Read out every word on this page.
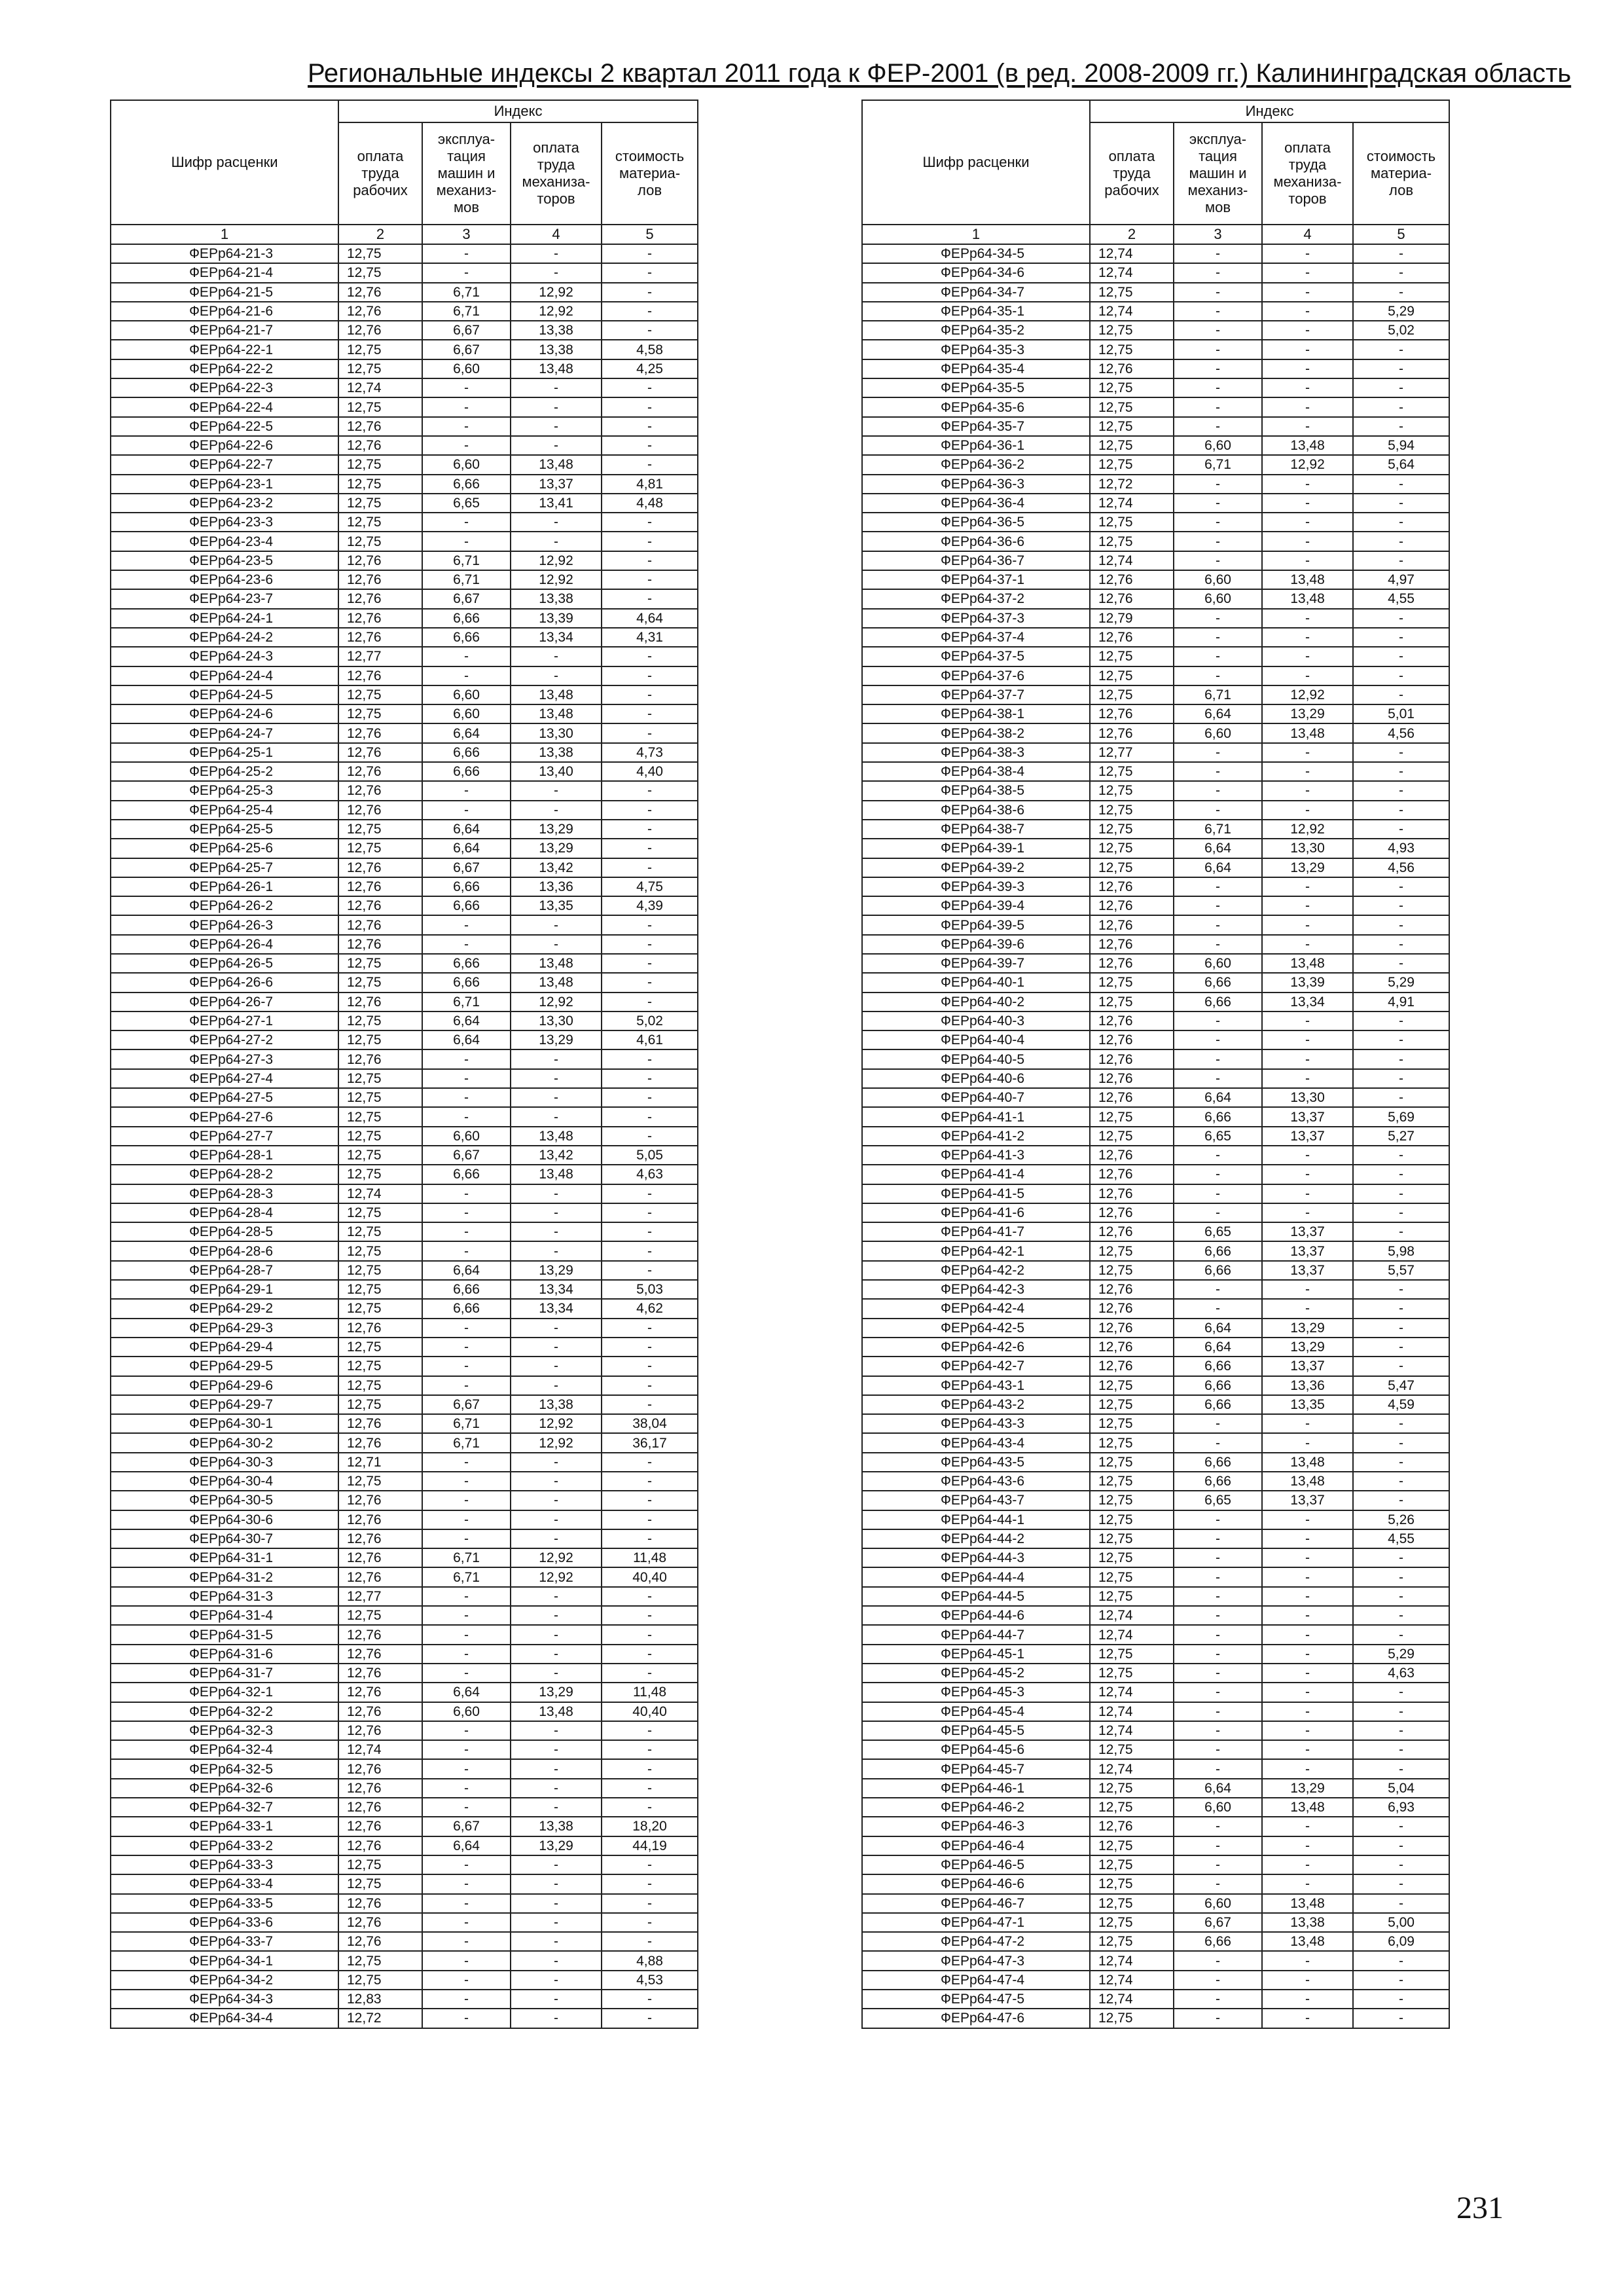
Региональные индексы 2 квартал 2011 года к ФЕР-2001 (в ред. 2008-2009 гг.) Калининградская область
Шифр расценки	Индекс			

	оплата
труда
рабочих	эксплуа-
тация
машин и
механиз-
мов	оплата
труда
механиза-
торов	стоимость
материа-
лов

1	2	3	4	5
ФЕРр64-21-3	12,75	-	-	-
ФЕРр64-21-4	12,75	-	-	-
ФЕРр64-21-5	12,76	6,71	12,92	-
ФЕРр64-21-6	12,76	6,71	12,92	-
ФЕРр64-21-7	12,76	6,67	13,38	-
ФЕРр64-22-1	12,75	6,67	13,38	4,58
ФЕРр64-22-2	12,75	6,60	13,48	4,25
ФЕРр64-22-3	12,74	-	-	-
ФЕРр64-22-4	12,75	-	-	-
ФЕРр64-22-5	12,76	-	-	-
ФЕРр64-22-6	12,76	-	-	-
ФЕРр64-22-7	12,75	6,60	13,48	-
ФЕРр64-23-1	12,75	6,66	13,37	4,81
ФЕРр64-23-2	12,75	6,65	13,41	4,48
ФЕРр64-23-3	12,75	-	-	-
ФЕРр64-23-4	12,75	-	-	-
ФЕРр64-23-5	12,76	6,71	12,92	-
ФЕРр64-23-6	12,76	6,71	12,92	-
ФЕРр64-23-7	12,76	6,67	13,38	-
ФЕРр64-24-1	12,76	6,66	13,39	4,64
ФЕРр64-24-2	12,76	6,66	13,34	4,31
ФЕРр64-24-3	12,77	-	-	-
ФЕРр64-24-4	12,76	-	-	-
ФЕРр64-24-5	12,75	6,60	13,48	-
ФЕРр64-24-6	12,75	6,60	13,48	-
ФЕРр64-24-7	12,76	6,64	13,30	-
ФЕРр64-25-1	12,76	6,66	13,38	4,73
ФЕРр64-25-2	12,76	6,66	13,40	4,40
ФЕРр64-25-3	12,76	-	-	-
ФЕРр64-25-4	12,76	-	-	-
ФЕРр64-25-5	12,75	6,64	13,29	-
ФЕРр64-25-6	12,75	6,64	13,29	-
ФЕРр64-25-7	12,76	6,67	13,42	-
ФЕРр64-26-1	12,76	6,66	13,36	4,75
ФЕРр64-26-2	12,76	6,66	13,35	4,39
ФЕРр64-26-3	12,76	-	-	-
ФЕРр64-26-4	12,76	-	-	-
ФЕРр64-26-5	12,75	6,66	13,48	-
ФЕРр64-26-6	12,75	6,66	13,48	-
ФЕРр64-26-7	12,76	6,71	12,92	-
ФЕРр64-27-1	12,75	6,64	13,30	5,02
ФЕРр64-27-2	12,75	6,64	13,29	4,61
ФЕРр64-27-3	12,76	-	-	-
ФЕРр64-27-4	12,75	-	-	-
ФЕРр64-27-5	12,75	-	-	-
ФЕРр64-27-6	12,75	-	-	-
ФЕРр64-27-7	12,75	6,60	13,48	-
ФЕРр64-28-1	12,75	6,67	13,42	5,05
ФЕРр64-28-2	12,75	6,66	13,48	4,63
ФЕРр64-28-3	12,74	-	-	-
ФЕРр64-28-4	12,75	-	-	-
ФЕРр64-28-5	12,75	-	-	-
ФЕРр64-28-6	12,75	-	-	-
ФЕРр64-28-7	12,75	6,64	13,29	-
ФЕРр64-29-1	12,75	6,66	13,34	5,03
ФЕРр64-29-2	12,75	6,66	13,34	4,62
ФЕРр64-29-3	12,76	-	-	-
ФЕРр64-29-4	12,75	-	-	-
ФЕРр64-29-5	12,75	-	-	-
ФЕРр64-29-6	12,75	-	-	-
ФЕРр64-29-7	12,75	6,67	13,38	-
ФЕРр64-30-1	12,76	6,71	12,92	38,04
ФЕРр64-30-2	12,76	6,71	12,92	36,17
ФЕРр64-30-3	12,71	-	-	-
ФЕРр64-30-4	12,75	-	-	-
ФЕРр64-30-5	12,76	-	-	-
ФЕРр64-30-6	12,76	-	-	-
ФЕРр64-30-7	12,76	-	-	-
ФЕРр64-31-1	12,76	6,71	12,92	11,48
ФЕРр64-31-2	12,76	6,71	12,92	40,40
ФЕРр64-31-3	12,77	-	-	-
ФЕРр64-31-4	12,75	-	-	-
ФЕРр64-31-5	12,76	-	-	-
ФЕРр64-31-6	12,76	-	-	-
ФЕРр64-31-7	12,76	-	-	-
ФЕРр64-32-1	12,76	6,64	13,29	11,48
ФЕРр64-32-2	12,76	6,60	13,48	40,40
ФЕРр64-32-3	12,76	-	-	-
ФЕРр64-32-4	12,74	-	-	-
ФЕРр64-32-5	12,76	-	-	-
ФЕРр64-32-6	12,76	-	-	-
ФЕРр64-32-7	12,76	-	-	-
ФЕРр64-33-1	12,76	6,67	13,38	18,20
ФЕРр64-33-2	12,76	6,64	13,29	44,19
ФЕРр64-33-3	12,75	-	-	-
ФЕРр64-33-4	12,75	-	-	-
ФЕРр64-33-5	12,76	-	-	-
ФЕРр64-33-6	12,76	-	-	-
ФЕРр64-33-7	12,76	-	-	-
ФЕРр64-34-1	12,75	-	-	4,88
ФЕРр64-34-2	12,75	-	-	4,53
ФЕРр64-34-3	12,83	-	-	-
ФЕРр64-34-4	12,72	-	-	-
Шифр расценки	Индекс			

	оплата
труда
рабочих	эксплуа-
тация
машин и
механиз-
мов	оплата
труда
механиза-
торов	стоимость
материа-
лов

1	2	3	4	5
ФЕРр64-34-5	12,74	-	-	-
ФЕРр64-34-6	12,74	-	-	-
ФЕРр64-34-7	12,75	-	-	-
ФЕРр64-35-1	12,74	-	-	5,29
ФЕРр64-35-2	12,75	-	-	5,02
ФЕРр64-35-3	12,75	-	-	-
ФЕРр64-35-4	12,76	-	-	-
ФЕРр64-35-5	12,75	-	-	-
ФЕРр64-35-6	12,75	-	-	-
ФЕРр64-35-7	12,75	-	-	-
ФЕРр64-36-1	12,75	6,60	13,48	5,94
ФЕРр64-36-2	12,75	6,71	12,92	5,64
ФЕРр64-36-3	12,72	-	-	-
ФЕРр64-36-4	12,74	-	-	-
ФЕРр64-36-5	12,75	-	-	-
ФЕРр64-36-6	12,75	-	-	-
ФЕРр64-36-7	12,74	-	-	-
ФЕРр64-37-1	12,76	6,60	13,48	4,97
ФЕРр64-37-2	12,76	6,60	13,48	4,55
ФЕРр64-37-3	12,79	-	-	-
ФЕРр64-37-4	12,76	-	-	-
ФЕРр64-37-5	12,75	-	-	-
ФЕРр64-37-6	12,75	-	-	-
ФЕРр64-37-7	12,75	6,71	12,92	-
ФЕРр64-38-1	12,76	6,64	13,29	5,01
ФЕРр64-38-2	12,76	6,60	13,48	4,56
ФЕРр64-38-3	12,77	-	-	-
ФЕРр64-38-4	12,75	-	-	-
ФЕРр64-38-5	12,75	-	-	-
ФЕРр64-38-6	12,75	-	-	-
ФЕРр64-38-7	12,75	6,71	12,92	-
ФЕРр64-39-1	12,75	6,64	13,30	4,93
ФЕРр64-39-2	12,75	6,64	13,29	4,56
ФЕРр64-39-3	12,76	-	-	-
ФЕРр64-39-4	12,76	-	-	-
ФЕРр64-39-5	12,76	-	-	-
ФЕРр64-39-6	12,76	-	-	-
ФЕРр64-39-7	12,76	6,60	13,48	-
ФЕРр64-40-1	12,75	6,66	13,39	5,29
ФЕРр64-40-2	12,75	6,66	13,34	4,91
ФЕРр64-40-3	12,76	-	-	-
ФЕРр64-40-4	12,76	-	-	-
ФЕРр64-40-5	12,76	-	-	-
ФЕРр64-40-6	12,76	-	-	-
ФЕРр64-40-7	12,76	6,64	13,30	-
ФЕРр64-41-1	12,75	6,66	13,37	5,69
ФЕРр64-41-2	12,75	6,65	13,37	5,27
ФЕРр64-41-3	12,76	-	-	-
ФЕРр64-41-4	12,76	-	-	-
ФЕРр64-41-5	12,76	-	-	-
ФЕРр64-41-6	12,76	-	-	-
ФЕРр64-41-7	12,76	6,65	13,37	-
ФЕРр64-42-1	12,75	6,66	13,37	5,98
ФЕРр64-42-2	12,75	6,66	13,37	5,57
ФЕРр64-42-3	12,76	-	-	-
ФЕРр64-42-4	12,76	-	-	-
ФЕРр64-42-5	12,76	6,64	13,29	-
ФЕРр64-42-6	12,76	6,64	13,29	-
ФЕРр64-42-7	12,76	6,66	13,37	-
ФЕРр64-43-1	12,75	6,66	13,36	5,47
ФЕРр64-43-2	12,75	6,66	13,35	4,59
ФЕРр64-43-3	12,75	-	-	-
ФЕРр64-43-4	12,75	-	-	-
ФЕРр64-43-5	12,75	6,66	13,48	-
ФЕРр64-43-6	12,75	6,66	13,48	-
ФЕРр64-43-7	12,75	6,65	13,37	-
ФЕРр64-44-1	12,75	-	-	5,26
ФЕРр64-44-2	12,75	-	-	4,55
ФЕРр64-44-3	12,75	-	-	-
ФЕРр64-44-4	12,75	-	-	-
ФЕРр64-44-5	12,75	-	-	-
ФЕРр64-44-6	12,74	-	-	-
ФЕРр64-44-7	12,74	-	-	-
ФЕРр64-45-1	12,75	-	-	5,29
ФЕРр64-45-2	12,75	-	-	4,63
ФЕРр64-45-3	12,74	-	-	-
ФЕРр64-45-4	12,74	-	-	-
ФЕРр64-45-5	12,74	-	-	-
ФЕРр64-45-6	12,75	-	-	-
ФЕРр64-45-7	12,74	-	-	-
ФЕРр64-46-1	12,75	6,64	13,29	5,04
ФЕРр64-46-2	12,75	6,60	13,48	6,93
ФЕРр64-46-3	12,76	-	-	-
ФЕРр64-46-4	12,75	-	-	-
ФЕРр64-46-5	12,75	-	-	-
ФЕРр64-46-6	12,75	-	-	-
ФЕРр64-46-7	12,75	6,60	13,48	-
ФЕРр64-47-1	12,75	6,67	13,38	5,00
ФЕРр64-47-2	12,75	6,66	13,48	6,09
ФЕРр64-47-3	12,74	-	-	-
ФЕРр64-47-4	12,74	-	-	-
ФЕРр64-47-5	12,74	-	-	-
ФЕРр64-47-6	12,75	-	-	-
231
